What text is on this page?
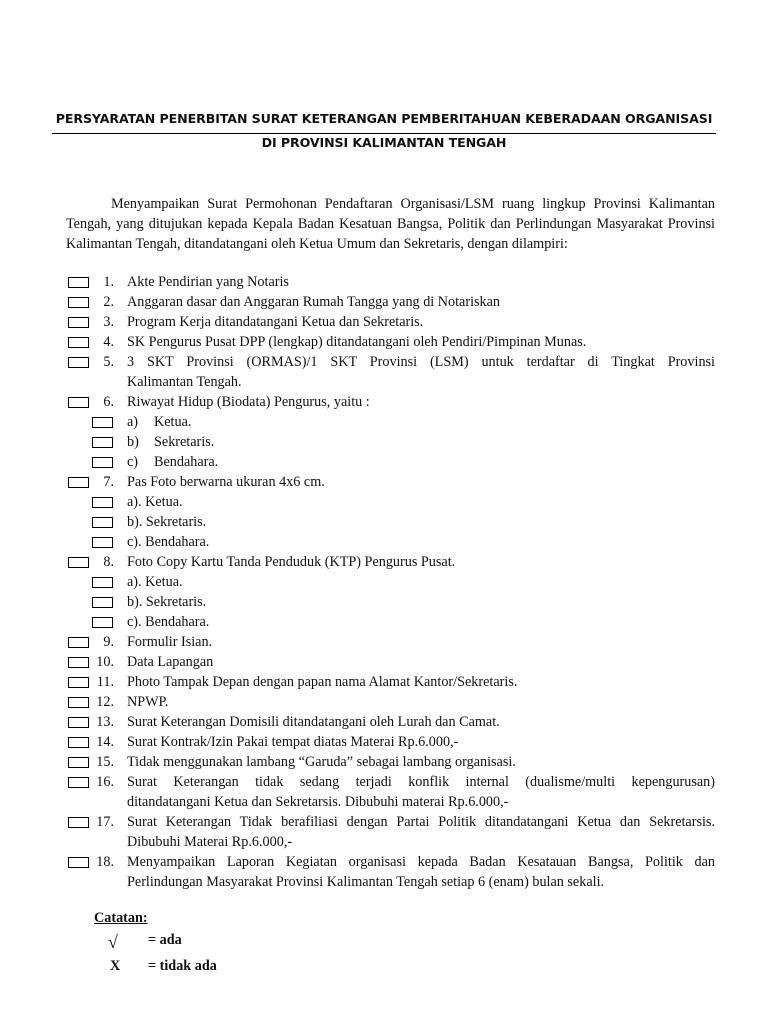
PERSYARATAN PENERBITAN SURAT KETERANGAN PEMBERITAHUAN KEBERADAAN ORGANISASI
DI PROVINSI KALIMANTAN TENGAH
Menyampaikan Surat Permohonan Pendaftaran Organisasi/LSM ruang lingkup Provinsi Kalimantan Tengah, yang ditujukan kepada Kepala Badan Kesatuan Bangsa, Politik dan Perlindungan Masyarakat Provinsi Kalimantan Tengah, ditandatangani oleh Ketua Umum dan Sekretaris, dengan dilampiri:
1. Akte Pendirian yang Notaris
2. Anggaran dasar dan Anggaran Rumah Tangga yang di Notariskan
3. Program Kerja ditandatangani Ketua dan Sekretaris.
4. SK Pengurus Pusat DPP (lengkap) ditandatangani oleh Pendiri/Pimpinan Munas.
5. 3 SKT Provinsi (ORMAS)/1 SKT Provinsi (LSM) untuk terdaftar di Tingkat Provinsi
Kalimantan Tengah.
6. Riwayat Hidup (Biodata) Pengurus, yaitu :
a) Ketua.
b) Sekretaris.
c) Bendahara.
7. Pas Foto berwarna ukuran 4x6 cm.
a). Ketua.
b). Sekretaris.
c). Bendahara.
8. Foto Copy Kartu Tanda Penduduk (KTP) Pengurus Pusat.
a). Ketua.
b). Sekretaris.
c). Bendahara.
9. Formulir Isian.
10. Data Lapangan
11. Photo Tampak Depan dengan papan nama Alamat Kantor/Sekretaris.
12. NPWP.
13. Surat Keterangan Domisili ditandatangani oleh Lurah dan Camat.
14. Surat Kontrak/Izin Pakai tempat diatas Materai Rp.6.000,-
15. Tidak menggunakan lambang “Garuda” sebagai lambang organisasi.
16. Surat Keterangan tidak sedang terjadi konflik internal (dualisme/multi kepengurusan)
ditandatangani Ketua dan Sekretarsis. Dibubuhi materai Rp.6.000,-
17. Surat Keterangan Tidak berafiliasi dengan Partai Politik ditandatangani Ketua dan Sekretarsis.
Dibubuhi Materai Rp.6.000,-
18. Menyampaikan Laporan Kegiatan organisasi kepada Badan Kesatauan Bangsa, Politik dan
Perlindungan Masyarakat Provinsi Kalimantan Tengah setiap 6 (enam) bulan sekali.
Catatan:
√ = ada
X = tidak ada
